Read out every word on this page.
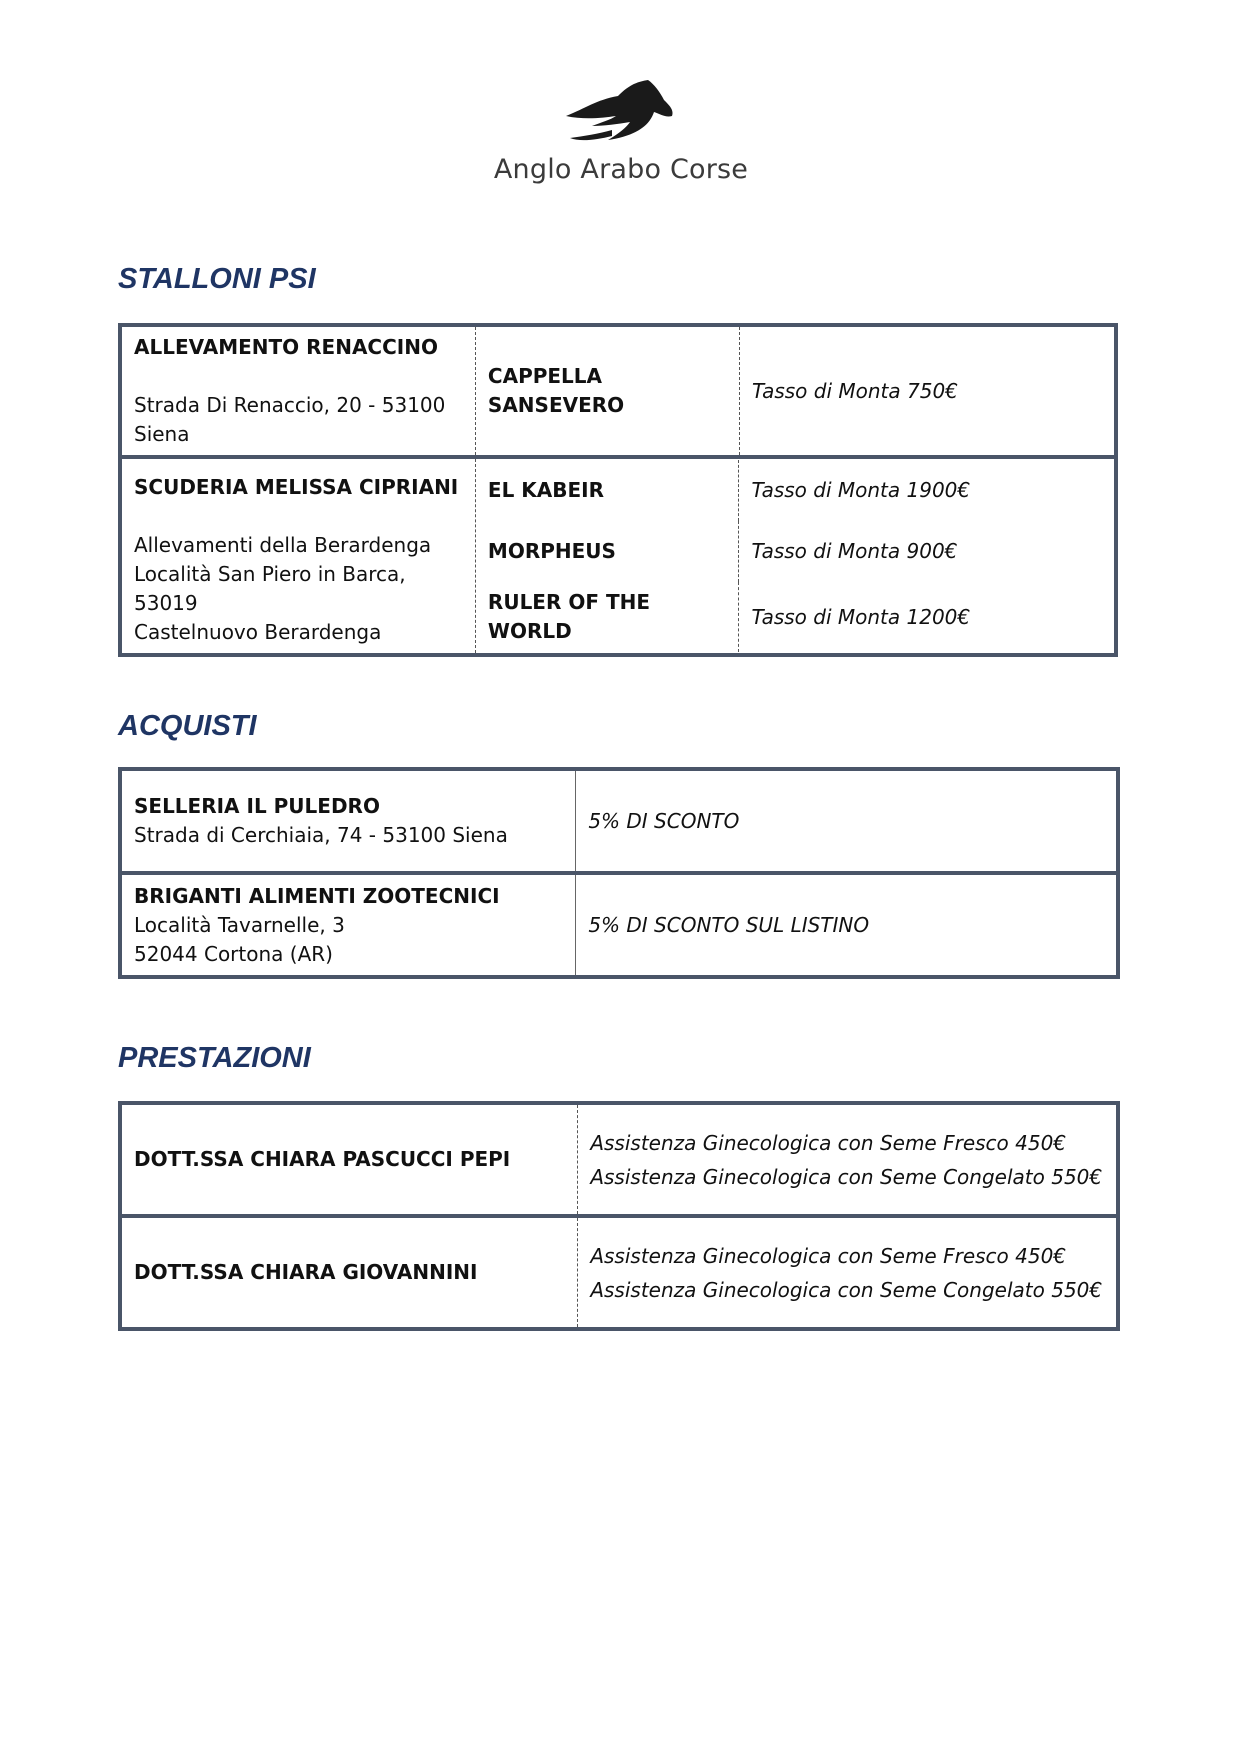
Anglo Arabo Corse
STALLONI PSI
ALLEVAMENTO RENACCINO
Strada Di Renaccio, 20 - 53100
Siena
	CAPPELLA SANSEVERO	Tasso di Monta 750€

SCUDERIA MELISSA CIPRIANI
Allevamenti della Berardenga
Località San Piero in Barca, 53019
Castelnuovo Berardenga

EL KABEIR	Tasso di Monta 1900€
MORPHEUS	Tasso di Monta 900€
RULER OF THE WORLD	Tasso di Monta 1200€
ACQUISTI
SELLERIA IL PULEDRO
Strada di Cerchiaia, 74 - 53100 Siena	5% DI SCONTO

BRIGANTI ALIMENTI ZOOTECNICI
Località Tavarnelle, 3
52044 Cortona (AR)	5% DI SCONTO SUL LISTINO
PRESTAZIONI
DOTT.SSA CHIARA PASCUCCI PEPI	Assistenza Ginecologica con Seme Fresco 450€
Assistenza Ginecologica con Seme Congelato 550€

DOTT.SSA CHIARA GIOVANNINI	Assistenza Ginecologica con Seme Fresco 450€
Assistenza Ginecologica con Seme Congelato 550€
